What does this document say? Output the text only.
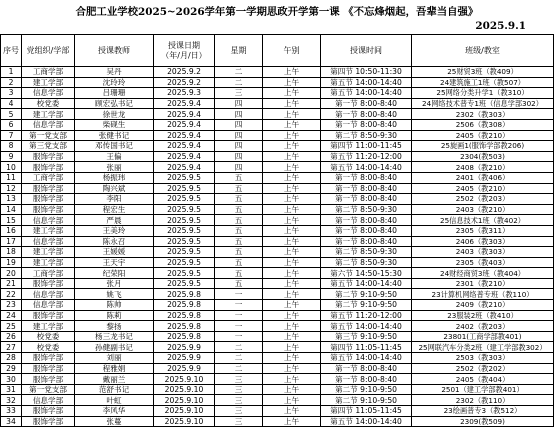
合肥工业学校2025~2026学年第一学期思政开学第一课 《不忘烽烟起，吾辈当自强》
2025.9.1
序号	党组织/学部	授课教师	授课日期
（年/月/日）	星期	午别	授课时间	班级/教室
1	工商学部	吴丹	2025.9.2	二	上午	第四节 10:50-11:30	25财贸3班（教409）
2	建工学部	沈玲玲	2025.9.2	二	上午	第五节 14:00-14:40	24建筑施工1班（教507）
3	信息学部	吕珊珊	2025.9.3	三	上午	第五节 14:00-14:40	25网络分类升学1（教310）
4	校党委	顾宏弘书记	2025.9.4	四	上午	第一节 8:00-8:40	24网络技术普专1班（信息学部302）
5	建工学部	徐世龙	2025.9.4	四	上午	第一节 8:00-8:40	2302（教303）
6	信息学部	柴砚生	2025.9.4	四	上午	第一节 8:00-8:40	2506（教308）
7	第一党支部	张健书记	2025.9.4	四	上午	第二节 8:50-9:30	2405（教210）
8	第三党支部	邓传国书记	2025.9.4	四	上午	第四节 11:00-11:45	25旋画1(服饰学部教206)
9	服饰学部	王偏	2025.9.4	四	上午	第五节 11:20-12:00	2304(教503)
10	服饰学部	张丽	2025.9.4	四	上午	第五节 14:00-14:40	2408（教210）
11	工商学部	杨振玮	2025.9.5	五	上午	第一节 8:00-8:40	2401（教406）
12	服饰学部	陶兴斌	2025.9.5	五	上午	第一节 8:00-8:40	2405（教210）
13	服饰学部	李阳	2025.9.5	五	上午	第一节 8:00-8:40	2502（教203）
14	服饰学部	程宏生	2025.9.5	五	上午	第二节 8:50-9:30	2403（教210）
15	信息学部	严晨	2025.9.5	五	上午	第一节 8:00-8:40	25信息技术1班（教402）
16	建工学部	王美玲	2025.9.5	五	上午	第一节 8:00-8:40	2305（教311）
17	信息学部	陈永召	2025.9.5	五	上午	第一节 8:00-8:40	2406（教303）
18	建工学部	王媛媛	2025.9.5	五	上午	第二节 8:50-9:30	2403（教303）
19	建工学部	王天宇	2025.9.5	五	上午	第二节 8:50-9:30	2305（教403）
20	工商学部	纪荣阳	2025.9.5	五	上午	第六节 14:50-15:30	24财经商贸3班（教404）
21	服饰学部	张月	2025.9.5	五	上午	第五节 14:00-14:40	2301（教210）
22	信息学部	姚飞	2025.9.8	一	上午	第二节 9:10-9:50	23计算机网络普专班（教110）
23	信息学部	陈帅	2025.9.8	一	上午	第二节 9:10-9:50	2409（教210）
24	服饰学部	陈莉	2025.9.8	一	上午	第五节 11:20-12:00	23服装2班（教410）
25	建工学部	黎扬	2025.9.8	一	上午	第五节 14:00-14:40	2402（教203）
26	校党委	杨三龙书记	2025.9.8	一	上午	第三节 9:10-9:50	23801(工商学部教401)
27	校党委	孙健副书记	2025.9.9	二	上午	第四节 11:05-11:45	25网联汽车分类2班（建工学部教302）
28	服饰学部	刘丽	2025.9.9	二	上午	第五节 14:00-14:40	2503（教303）
29	服饰学部	程雅娟	2025.9.9	二	上午	第一节 8:00-8:40	2502（教202）
30	服饰学部	戴丽兰	2025.9.10	三	上午	第一节 8:00-8:40	2405（教404）
31	第一党支部	范舒书记	2025.9.10	三	上午	第二节 9:10-9:50	2501（建工学部教401）
32	信息学部	叶虹	2025.9.10	三	上午	第二节 9:10-9:50	2302（教110）
33	服饰学部	李风华	2025.9.10	三	上午	第四节 11:05-11:45	23绘画普专3（教512）
34	服饰学部	张蔓	2025.9.10	三	上午	第五节 14:00-14:40	2309(教509)
